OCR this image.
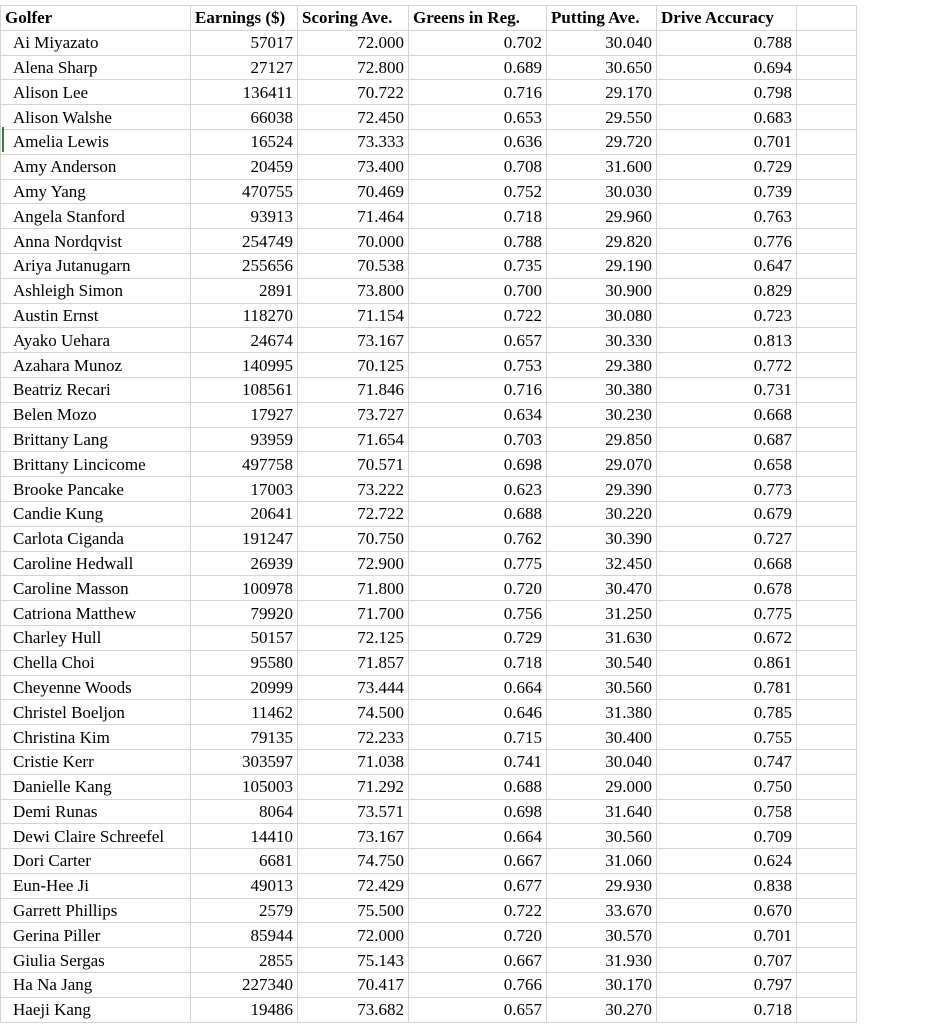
Golfer	Earnings ($)	Scoring Ave.	Greens in Reg.	Putting Ave.	Drive Accuracy	
Ai Miyazato	57017	72.000	0.702	30.040	0.788	
Alena Sharp	27127	72.800	0.689	30.650	0.694	
Alison Lee	136411	70.722	0.716	29.170	0.798	
Alison Walshe	66038	72.450	0.653	29.550	0.683	
Amelia Lewis	16524	73.333	0.636	29.720	0.701	
Amy Anderson	20459	73.400	0.708	31.600	0.729	
Amy Yang	470755	70.469	0.752	30.030	0.739	
Angela Stanford	93913	71.464	0.718	29.960	0.763	
Anna Nordqvist	254749	70.000	0.788	29.820	0.776	
Ariya Jutanugarn	255656	70.538	0.735	29.190	0.647	
Ashleigh Simon	2891	73.800	0.700	30.900	0.829	
Austin Ernst	118270	71.154	0.722	30.080	0.723	
Ayako Uehara	24674	73.167	0.657	30.330	0.813	
Azahara Munoz	140995	70.125	0.753	29.380	0.772	
Beatriz Recari	108561	71.846	0.716	30.380	0.731	
Belen Mozo	17927	73.727	0.634	30.230	0.668	
Brittany Lang	93959	71.654	0.703	29.850	0.687	
Brittany Lincicome	497758	70.571	0.698	29.070	0.658	
Brooke Pancake	17003	73.222	0.623	29.390	0.773	
Candie Kung	20641	72.722	0.688	30.220	0.679	
Carlota Ciganda	191247	70.750	0.762	30.390	0.727	
Caroline Hedwall	26939	72.900	0.775	32.450	0.668	
Caroline Masson	100978	71.800	0.720	30.470	0.678	
Catriona Matthew	79920	71.700	0.756	31.250	0.775	
Charley Hull	50157	72.125	0.729	31.630	0.672	
Chella Choi	95580	71.857	0.718	30.540	0.861	
Cheyenne Woods	20999	73.444	0.664	30.560	0.781	
Christel Boeljon	11462	74.500	0.646	31.380	0.785	
Christina Kim	79135	72.233	0.715	30.400	0.755	
Cristie Kerr	303597	71.038	0.741	30.040	0.747	
Danielle Kang	105003	71.292	0.688	29.000	0.750	
Demi Runas	8064	73.571	0.698	31.640	0.758	
Dewi Claire Schreefel	14410	73.167	0.664	30.560	0.709	
Dori Carter	6681	74.750	0.667	31.060	0.624	
Eun-Hee Ji	49013	72.429	0.677	29.930	0.838	
Garrett Phillips	2579	75.500	0.722	33.670	0.670	
Gerina Piller	85944	72.000	0.720	30.570	0.701	
Giulia Sergas	2855	75.143	0.667	31.930	0.707	
Ha Na Jang	227340	70.417	0.766	30.170	0.797	
Haeji Kang	19486	73.682	0.657	30.270	0.718	
